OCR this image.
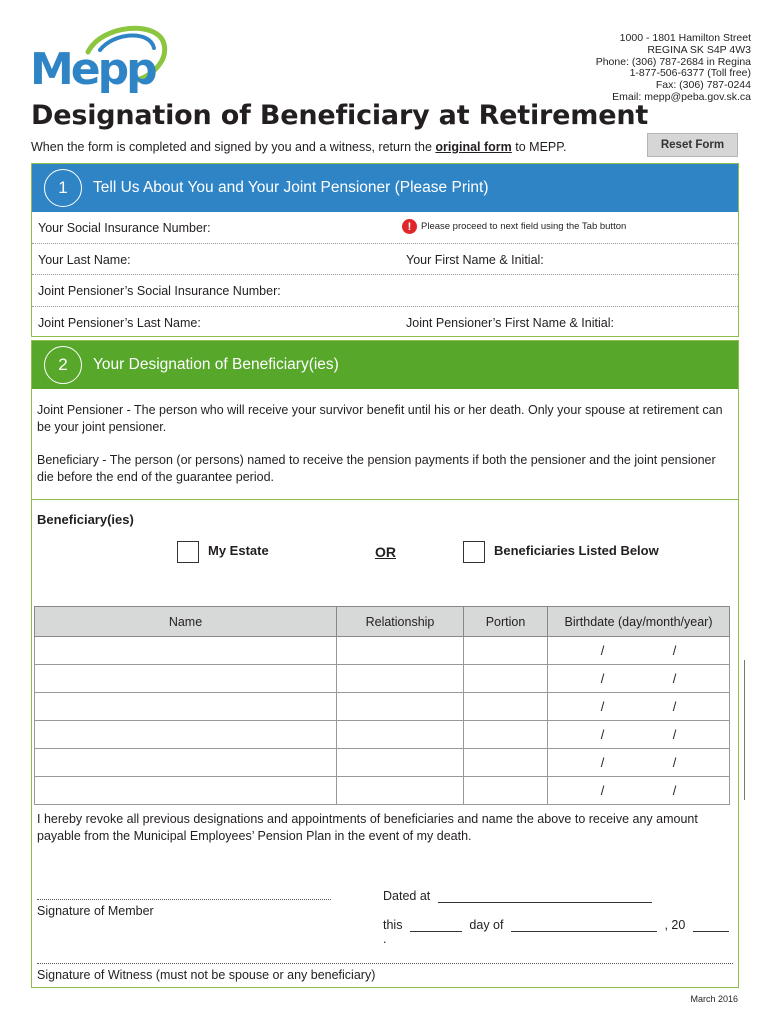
Mepp
1000 - 1801 Hamilton Street
REGINA SK S4P 4W3
Phone: (306) 787-2684 in Regina
1-877-506-6377 (Toll free)
Fax: (306) 787-0244
Email: mepp@peba.gov.sk.ca
Designation of Beneficiary at Retirement
When the form is completed and signed by you and a witness, return the original form to MEPP.	Reset Form
1	Tell Us About You and Your Joint Pensioner (Please Print)
Your Social Insurance Number:	!	Please proceed to next field using the Tab button
Your Last Name:	Your First Name & Initial:
Joint Pensioner’s Social Insurance Number:
Joint Pensioner’s Last Name:	Joint Pensioner’s First Name & Initial:
2	Your Designation of Beneficiary(ies)
Joint Pensioner - The person who will receive your survivor benefit until his or her death. Only your spouse at retirement can be your joint pensioner.
Beneficiary - The person (or persons) named to receive the pension payments if both the pensioner and the joint pensioner die before the end of the guarantee period.
Beneficiary(ies)
My Estate	OR	Beneficiaries Listed Below
Name	Relationship	Portion	Birthdate (day/month/year)
			/ /
			/ /
			/ /
			/ /
			/ /
			/ /
I hereby revoke all previous designations and appointments of beneficiaries and name the above to receive any amount payable from the Municipal Employees’ Pension Plan in the event of my death.
Signature of Member
Dated at
this	day of	, 20  .
Signature of Witness (must not be spouse or any beneficiary)
March 2016
